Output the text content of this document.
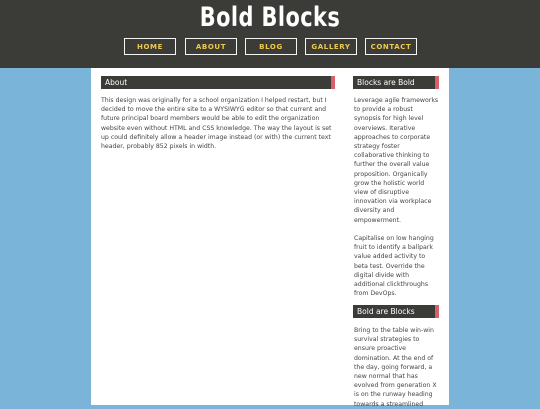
Bold Blocks
HOME	ABOUT	BLOG	GALLERY	CONTACT
About
This design was originally for a school organization I helped restart, but I decided to move the entire site to a WYSIWYG editor so that current and future principal board members would be able to edit the organization website even without HTML and CSS knowledge. The way the layout is set up could definitely allow a header image instead (or with) the current text header, probably 852 pixels in width.
Blocks are Bold
Leverage agile frameworks to provide a robust synopsis for high level overviews. Iterative approaches to corporate strategy foster collaborative thinking to further the overall value proposition. Organically grow the holistic world view of disruptive innovation via workplace diversity and empowerment.
Capitalise on low hanging fruit to identify a ballpark value added activity to beta test. Override the digital divide with additional clickthroughs from DevOps.
Bold are Blocks
Bring to the table win-win survival strategies to ensure proactive domination. At the end of the day, going forward, a new normal that has evolved from generation X is on the runway heading towards a streamlined
